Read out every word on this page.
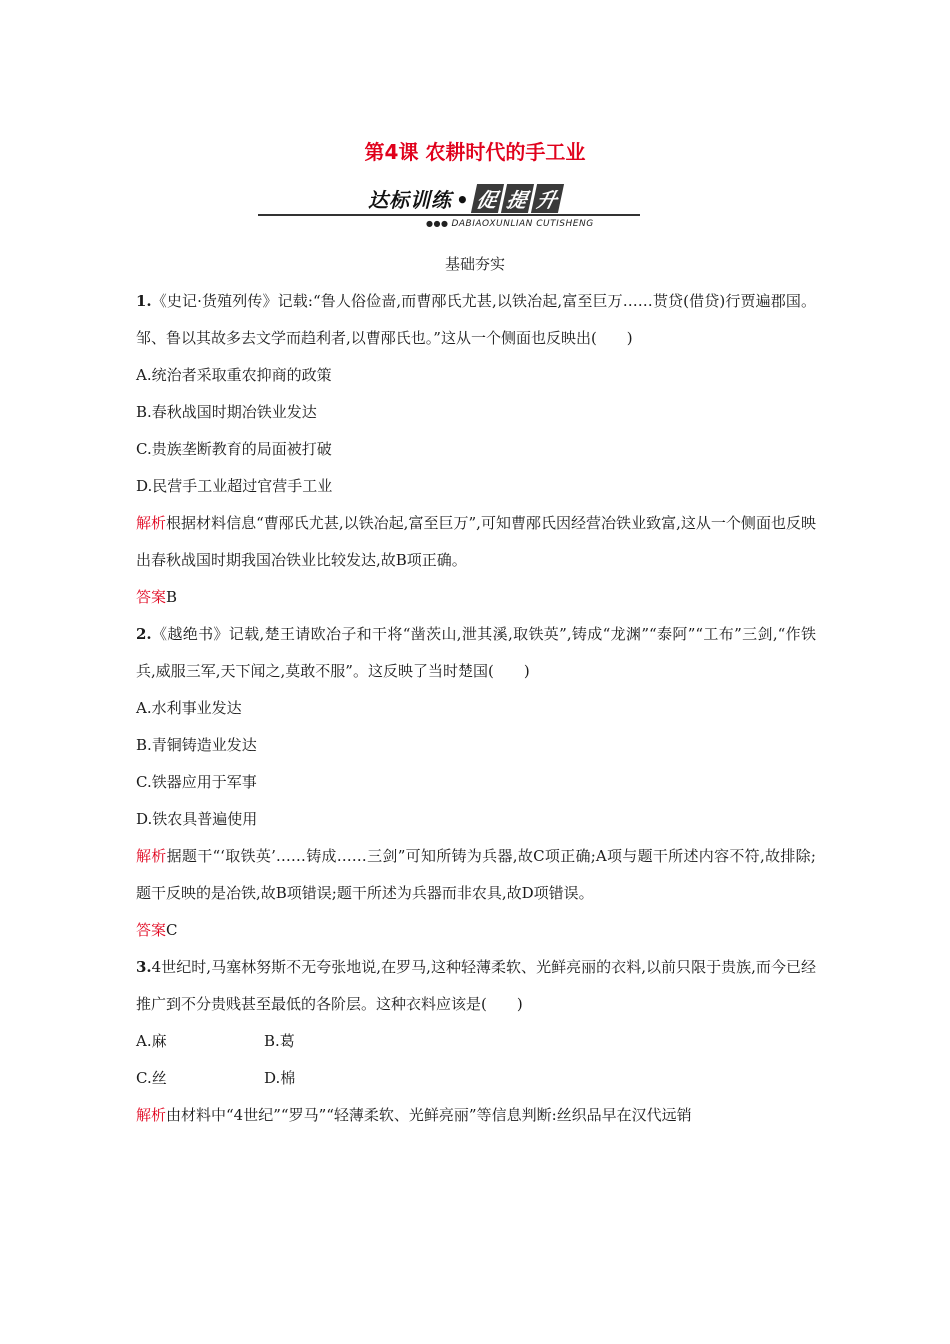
第4课 农耕时代的手工业
达标训练 • 促 提 升
●●● DABIAOXUNLIAN CUTISHENG
基础夯实

1.《史记·货殖列传》记载:“鲁人俗俭啬,而曹邴氏尤甚,以铁冶起,富至巨万……贳贷(借贷)行贾遍郡国。邹、鲁以其故多去文学而趋利者,以曹邴氏也。”这从一个侧面也反映出(　　)

A.统治者采取重农抑商的政策

B.春秋战国时期冶铁业发达

C.贵族垄断教育的局面被打破

D.民营手工业超过官营手工业

解析根据材料信息“曹邴氏尤甚,以铁冶起,富至巨万”,可知曹邴氏因经营冶铁业致富,这从一个侧面也反映出春秋战国时期我国冶铁业比较发达,故B项正确。

答案B

2.《越绝书》记载,楚王请欧冶子和干将“凿茨山,泄其溪,取铁英”,铸成“龙渊”“泰阿”“工布”三剑,“作铁兵,威服三军,天下闻之,莫敢不服”。这反映了当时楚国(　　)

A.水利事业发达

B.青铜铸造业发达

C.铁器应用于军事

D.铁农具普遍使用

解析据题干“‘取铁英’……铸成……三剑”可知所铸为兵器,故C项正确;A项与题干所述内容不符,故排除;题干反映的是冶铁,故B项错误;题干所述为兵器而非农具,故D项错误。

答案C

3.4世纪时,马塞林努斯不无夸张地说,在罗马,这种轻薄柔软、光鲜亮丽的衣料,以前只限于贵族,而今已经推广到不分贵贱甚至最低的各阶层。这种衣料应该是(　　)

A.麻	B.葛

C.丝	D.棉

解析由材料中“4世纪”“罗马”“轻薄柔软、光鲜亮丽”等信息判断:丝织品早在汉代远销
